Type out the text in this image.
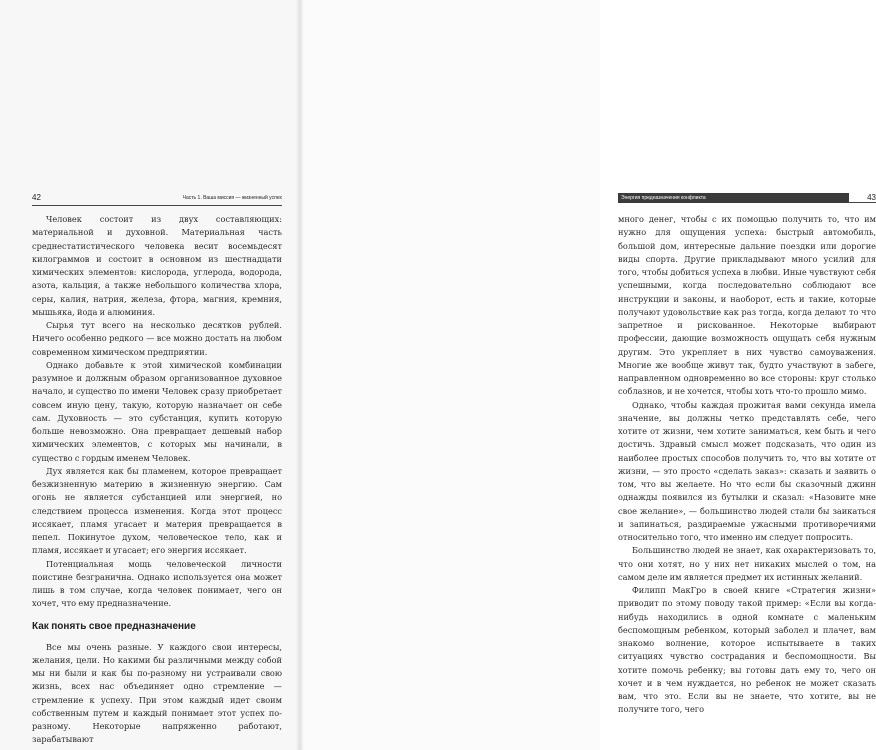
42	Часть 1. Ваша миссия — жизненный успех

Человек состоит из двух составляющих: материальной и духовной. Материальная часть среднестатистического человека весит восемьдесят килограммов и состоит в основном из шестнадцати химических элементов: кислорода, углерода, водорода, азота, кальция, а также небольшого количества хлора, серы, калия, натрия, железа, фтора, магния, кремния, мышьяка, йода и алюминия.

Сырья тут всего на несколько десятков рублей. Ничего особенно редкого — все можно достать на любом современном химическом предприятии.

Однако добавьте к этой химической комбинации разумное и должным образом организованное духовное начало, и существо по имени Человек сразу приобретает совсем иную цену, такую, которую назначает он себе сам. Духовность — это субстанция, купить которую больше невозможно. Она превращает дешевый набор химических элементов, с которых мы начинали, в существо с гордым именем Человек.

Дух является как бы пламенем, которое превращает безжизненную материю в жизненную энергию. Сам огонь не является субстанцией или энергией, но следствием процесса изменения. Когда этот процесс иссякает, пламя угасает и материя превращается в пепел. Покинутое духом, человеческое тело, как и пламя, иссякает и угасает; его энергия иссякает.

Потенциальная мощь человеческой личности поистине безгранична. Однако используется она может лишь в том случае, когда человек понимает, чего он хочет, что ему предназначение.

Как понять свое предназначение

Все мы очень разные. У каждого свои интересы, желания, цели. Но какими бы различными между собой мы ни были и как бы по-разному ни устраивали свою жизнь, всех нас объединяет одно стремление — стремление к успеху. При этом каждый идет своим собственным путем и каждый понимает этот успех по-разному. Некоторые напряженно работают, зарабатывают

Энергия предназначения конфликта	43

много денег, чтобы с их помощью получить то, что им нужно для ощущения успеха: быстрый автомобиль, большой дом, интересные дальние поездки или дорогие виды спорта. Другие прикладывают много усилий для того, чтобы добиться успеха в любви. Иные чувствуют себя успешными, когда последовательно соблюдают все инструкции и законы, и наоборот, есть и такие, которые получают удовольствие как раз тогда, когда делают то что запретное и рискованное. Некоторые выбирают профессии, дающие возможность ощущать себя нужным другим. Это укрепляет в них чувство самоуважения. Многие же вообще живут так, будто участвуют в забеге, направленном одновременно во все стороны: круг столько соблазнов, и не хочется, чтобы хоть что-то прошло мимо.

Однако, чтобы каждая прожитая вами секунда имела значение, вы должны четко представлять себе, чего хотите от жизни, чем хотите заниматься, кем быть и чего достичь. Здравый смысл может подсказать, что один из наиболее простых способов получить то, что вы хотите от жизни, — это просто «сделать заказ»: сказать и заявить о том, что вы желаете. Но что если бы сказочный джинн однажды появился из бутылки и сказал: «Назовите мне свое желание», — большинство людей стали бы заикаться и запинаться, раздираемые ужасными противоречиями относительно того, что именно им следует попросить.

Большинство людей не знает, как охарактеризовать то, что они хотят, но у них нет никаких мыслей о том, на самом деле им является предмет их истинных желаний.

Филипп МакГро в своей книге «Стратегия жизни» приводит по этому поводу такой пример: «Если вы когда-нибудь находились в одной комнате с маленьким беспомощным ребенком, который заболел и плачет, вам знакомо волнение, которое испытываете в таких ситуациях чувство сострадания и беспомощности. Вы хотите помочь ребенку; вы готовы дать ему то, чего он хочет и в чем нуждается, но ребенок не может сказать вам, что это. Если вы не знаете, что хотите, вы не получите того, чего
